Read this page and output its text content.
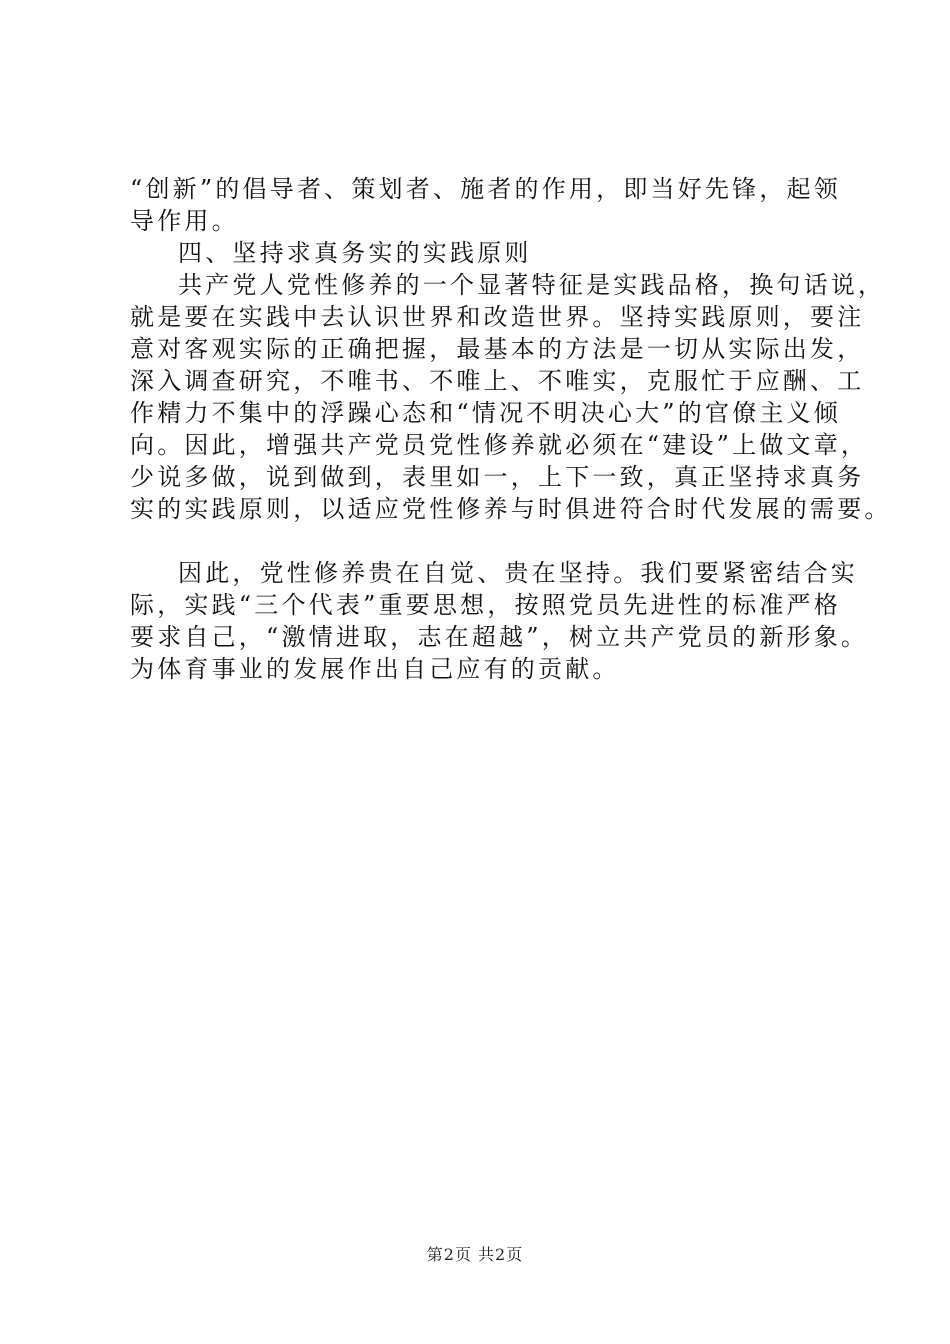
“创新”的倡导者、策划者、施者的作用，即当好先锋，起领
导作用。
四、坚持求真务实的实践原则
共产党人党性修养的一个显著特征是实践品格，换句话说，
就是要在实践中去认识世界和改造世界。坚持实践原则，要注
意对客观实际的正确把握，最基本的方法是一切从实际出发，
深入调查研究，不唯书、不唯上、不唯实，克服忙于应酬、工
作精力不集中的浮躁心态和“情况不明决心大”的官僚主义倾
向。因此，增强共产党员党性修养就必须在“建设”上做文章，
少说多做，说到做到，表里如一，上下一致，真正坚持求真务
实的实践原则，以适应党性修养与时俱进符合时代发展的需要。
因此，党性修养贵在自觉、贵在坚持。我们要紧密结合实
际，实践“三个代表”重要思想，按照党员先进性的标准严格
要求自己，“激情进取，志在超越”，树立共产党员的新形象。
为体育事业的发展作出自己应有的贡献。
第2页 共2页
